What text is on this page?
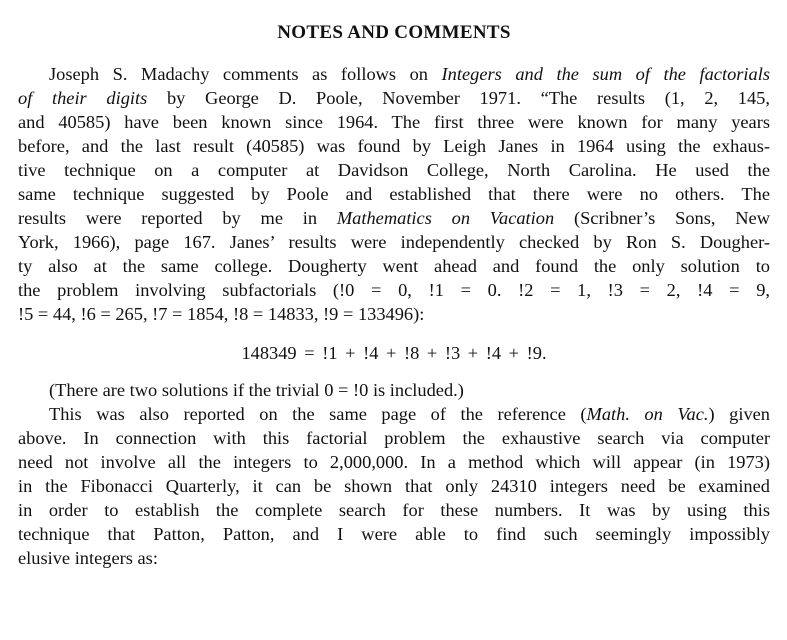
NOTES AND COMMENTS
Joseph S. Madachy comments as follows on Integers and the sum of the factorials
of their digits by George D. Poole, November 1971. “The results (1, 2, 145,
and 40585) have been known since 1964. The first three were known for many years
before, and the last result (40585) was found by Leigh Janes in 1964 using the exhaus-
tive technique on a computer at Davidson College, North Carolina. He used the
same technique suggested by Poole and established that there were no others. The
results were reported by me in Mathematics on Vacation (Scribner’s Sons, New
York, 1966), page 167. Janes’ results were independently checked by Ron S. Dougher-
ty also at the same college. Dougherty went ahead and found the only solution to
the problem involving subfactorials (!0 = 0, !1 = 0. !2 = 1, !3 = 2, !4 = 9,
!5 = 44, !6 = 265, !7 = 1854, !8 = 14833, !9 = 133496):
148349 = !1 + !4 + !8 + !3 + !4 + !9.
(There are two solutions if the trivial 0 = !0 is included.)
This was also reported on the same page of the reference (Math. on Vac.) given
above. In connection with this factorial problem the exhaustive search via computer
need not involve all the integers to 2,000,000. In a method which will appear (in 1973)
in the Fibonacci Quarterly, it can be shown that only 24310 integers need be examined
in order to establish the complete search for these numbers. It was by using this
technique that Patton, Patton, and I were able to find such seemingly impossibly
elusive integers as:
